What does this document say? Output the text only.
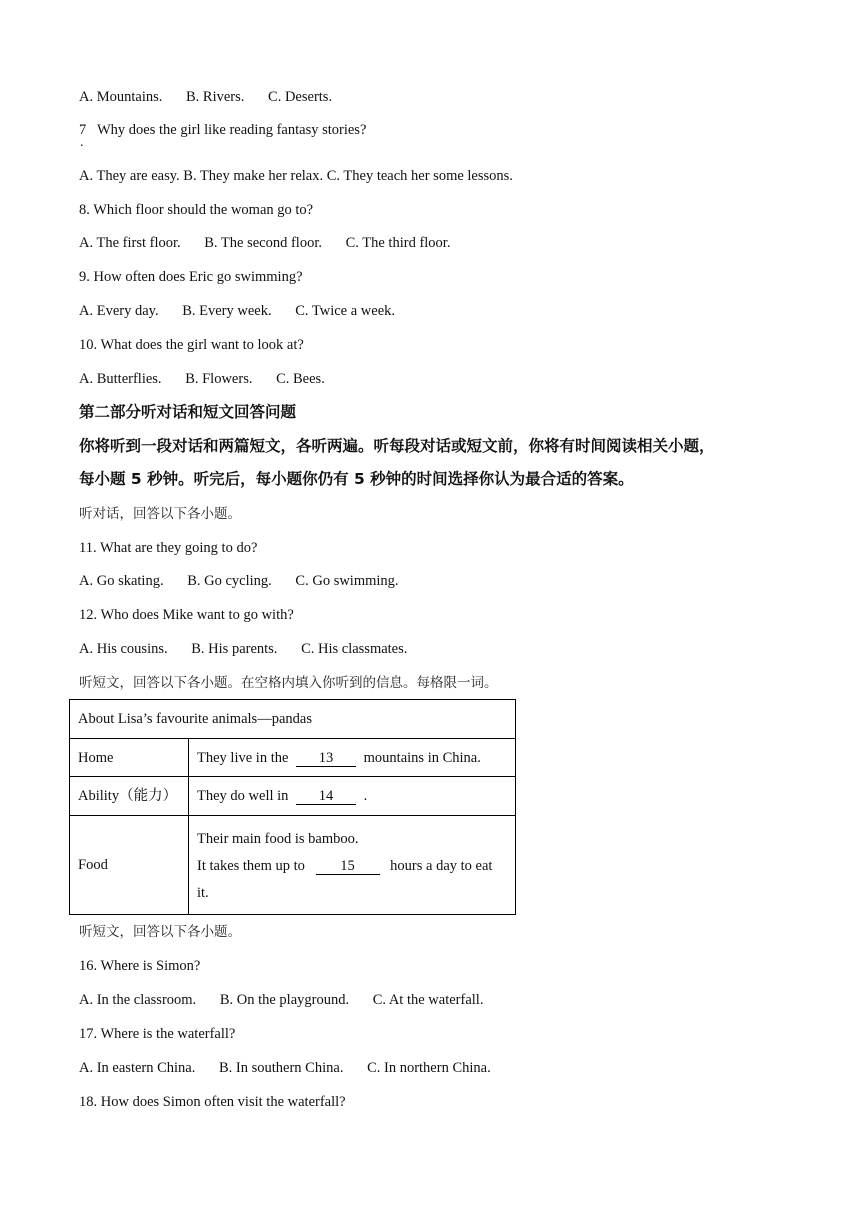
A. Mountains. B. Rivers. C. Deserts.
7
.
Why does the girl like reading fantasy stories?
A. They are easy. B. They make her relax. C. They teach her some lessons.
8. Which floor should the woman go to?
A. The first floor. B. The second floor. C. The third floor.
9. How often does Eric go swimming?
A. Every day. B. Every week. C. Twice a week.
10. What does the girl want to look at?
A. Butterflies. B. Flowers. C. Bees.
第二部分听对话和短文回答问题
你将听到一段对话和两篇短文，各听两遍。听每段对话或短文前，你将有时间阅读相关小题，
每小题 5 秒钟。听完后，每小题你仍有 5 秒钟的时间选择你认为最合适的答案。
听对话，回答以下各小题。
11. What are they going to do?
A. Go skating. B. Go cycling. C. Go swimming.
12. Who does Mike want to go with?
A. His cousins. B. His parents. C. His classmates.
听短文，回答以下各小题。在空格内填入你听到的信息。每格限一词。
About Lisa’s favourite animals—pandas	
Home	They live in the 13 mountains in China.
Ability（能力）	They do well in 14 .
Food	Their main food is bamboo.
It takes them up to 15 hours a day to eat
it.
听短文，回答以下各小题。
16. Where is Simon?
A. In the classroom. B. On the playground. C. At the waterfall.
17. Where is the waterfall?
A. In eastern China. B. In southern China. C. In northern China.
18. How does Simon often visit the waterfall?
